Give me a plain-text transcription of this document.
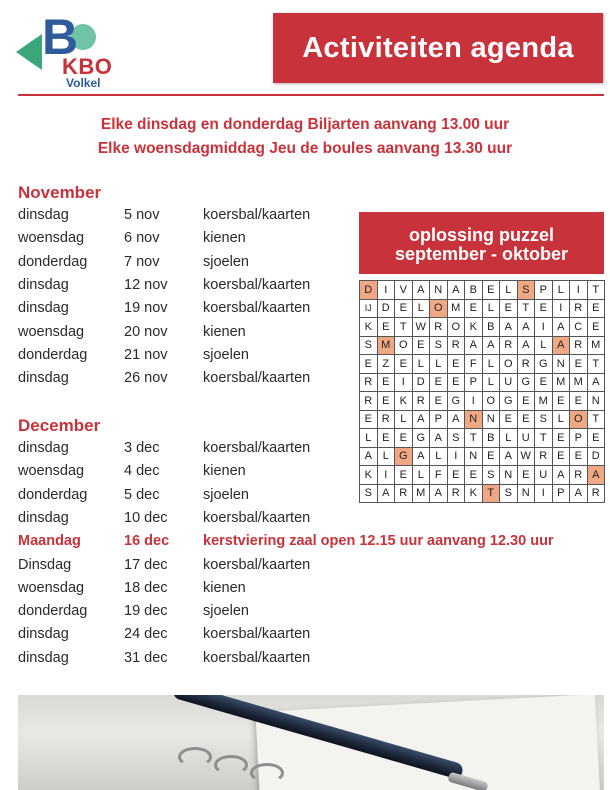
B
KBO
Volkel
Activiteiten agenda
Elke dinsdag en donderdag Biljarten aanvang 13.00 uur
Elke woensdagmiddag Jeu de boules aanvang 13.30 uur
November
dinsdag	5 nov	koersbal/kaarten
woensdag	6 nov	kienen
donderdag	7 nov	sjoelen
dinsdag	12 nov koersbal/kaarten
dinsdag	19 nov koersbal/kaarten
woensdag	20 nov kienen
donderdag	21 nov sjoelen
dinsdag	26 nov koersbal/kaarten
December
dinsdag	3 dec	koersbal/kaarten
woensdag	4 dec	kienen
donderdag	5 dec	sjoelen
dinsdag	10 dec koersbal/kaarten
Maandag	16 dec kerstviering zaal open 12.15 uur aanvang 12.30 uur
Dinsdag	17 dec koersbal/kaarten
woensdag	18 dec kienen
donderdag	19 dec sjoelen
dinsdag	24 dec koersbal/kaarten
dinsdag	31 dec koersbal/kaarten
oplossing puzzel
september - oktober
D	I	V	A	N	A	B	E	L	S	P	L	I	T
IJ	D	E	L	O	M	E	L	E	T	E	I	R	E
K	E	T	W	R	O	K	B	A	A	I	A	C	E
S	M	O	E	S	R	A	A	R	A	L	A	R	M
E	Z	E	L	L	E	F	L	O	R	G	N	E	T
R	E	I	D	E	E	P	L	U	G	E	M	M	A
R	E	K	R	E	G	I	O	G	E	M	E	E	N
E	R	L	A	P	A	N	N	E	E	S	L	O	T
L	E	E	G	A	S	T	B	L	U	T	E	P	E
A	L	G	A	L	I	N	E	A	W	R	E	E	D
K	I	E	L	F	E	E	S	N	E	U	A	R	A
S	A	R	M	A	R	K	T	S	N	I	P	A	R
